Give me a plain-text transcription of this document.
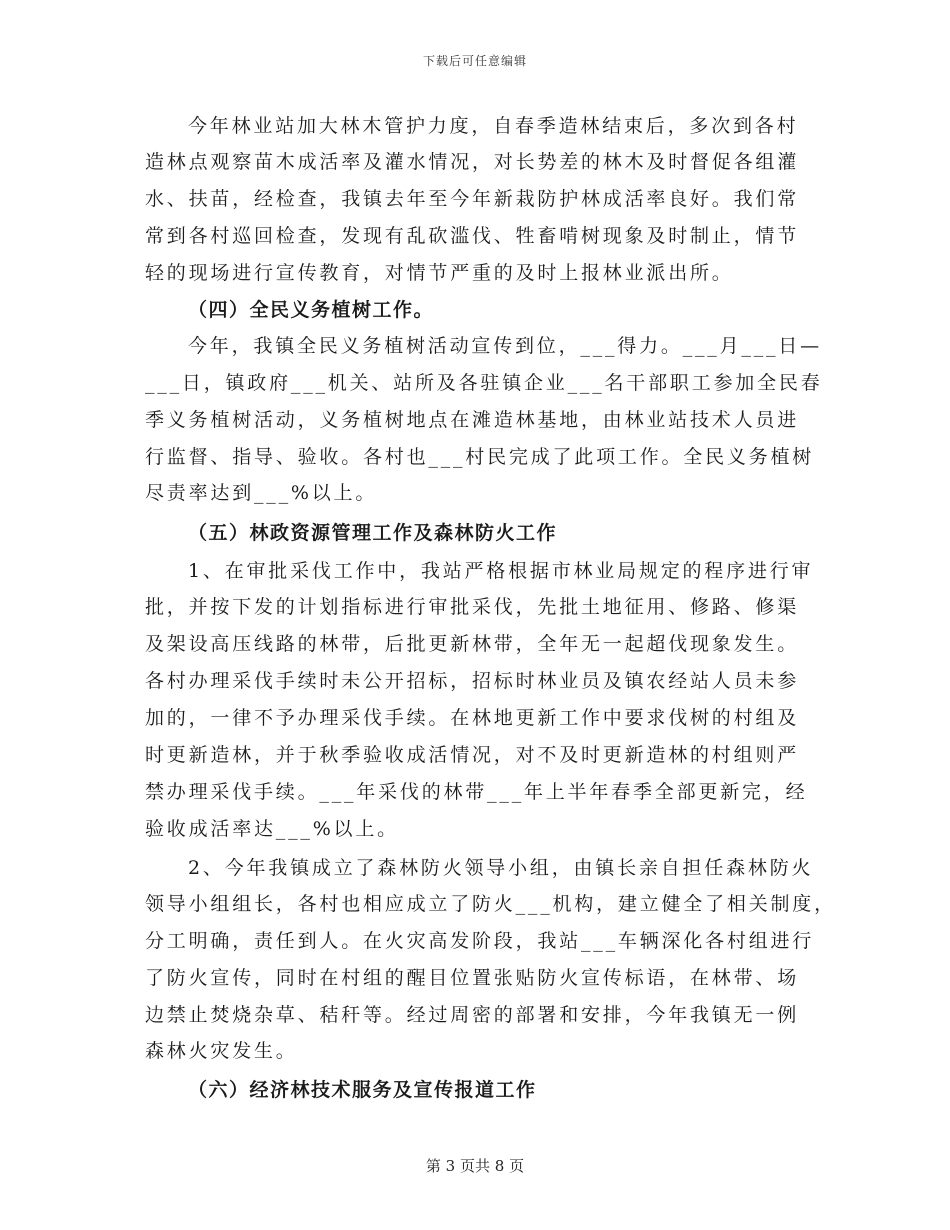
下载后可任意编辑
今年林业站加大林木管护力度，自春季造林结束后，多次到各村
造林点观察苗木成活率及灌水情况，对长势差的林木及时督促各组灌
水、扶苗，经检查，我镇去年至今年新栽防护林成活率良好。我们常
常到各村巡回检查，发现有乱砍滥伐、牲畜啃树现象及时制止，情节
轻的现场进行宣传教育，对情节严重的及时上报林业派出所。
（四）全民义务植树工作。
今年，我镇全民义务植树活动宣传到位，___得力。___月___日—
___日，镇政府___机关、站所及各驻镇企业___名干部职工参加全民春
季义务植树活动，义务植树地点在滩造林基地，由林业站技术人员进
行监督、指导、验收。各村也___村民完成了此项工作。全民义务植树
尽责率达到___%以上。
（五）林政资源管理工作及森林防火工作
1、在审批采伐工作中，我站严格根据市林业局规定的程序进行审
批，并按下发的计划指标进行审批采伐，先批土地征用、修路、修渠
及架设高压线路的林带，后批更新林带，全年无一起超伐现象发生。
各村办理采伐手续时未公开招标，招标时林业员及镇农经站人员未参
加的，一律不予办理采伐手续。在林地更新工作中要求伐树的村组及
时更新造林，并于秋季验收成活情况，对不及时更新造林的村组则严
禁办理采伐手续。___年采伐的林带___年上半年春季全部更新完，经
验收成活率达___%以上。
2、今年我镇成立了森林防火领导小组，由镇长亲自担任森林防火
领导小组组长，各村也相应成立了防火___机构，建立健全了相关制度，
分工明确，责任到人。在火灾高发阶段，我站___车辆深化各村组进行
了防火宣传，同时在村组的醒目位置张贴防火宣传标语，在林带、场
边禁止焚烧杂草、秸秆等。经过周密的部署和安排，今年我镇无一例
森林火灾发生。
（六）经济林技术服务及宣传报道工作
第 3 页共 8 页
